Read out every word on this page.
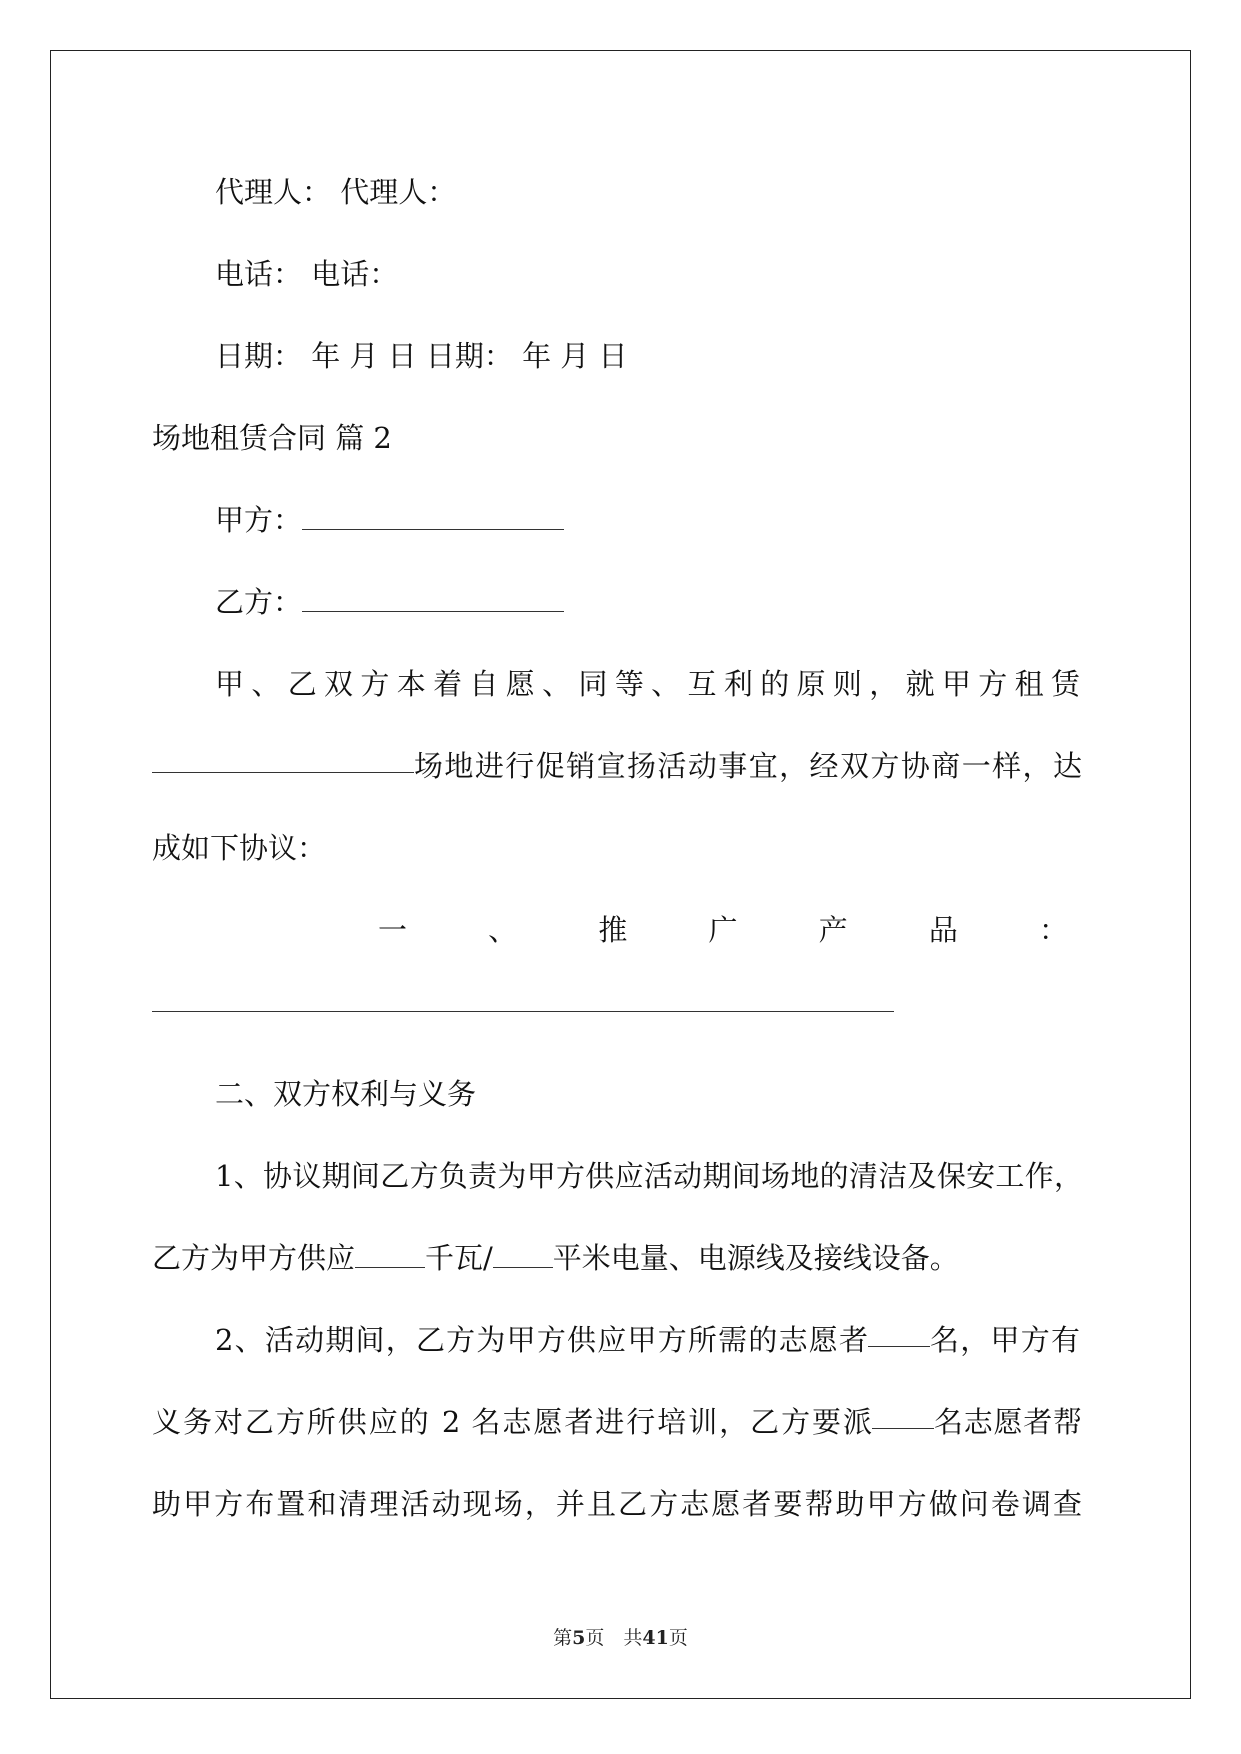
代理人： 代理人：
电话： 电话：
日期： 年 月 日 日期： 年 月 日
场地租赁合同 篇 2
甲方：
乙方：
甲、乙双方本着自愿、同等、互利的原则，就甲方租赁
场地进行促销宣扬活动事宜，经双方协商一样，达
成如下协议：
一 、 推 广 产 品 ：
二、双方权利与义务
1、协议期间乙方负责为甲方供应活动期间场地的清洁及保安工作，
乙方为甲方供应 千瓦/ 平米电量、电源线及接线设备。
2、活动期间，乙方为甲方供应甲方所需的志愿者 名，甲方有
义务对乙方所供应的 2 名志愿者进行培训，乙方要派 名志愿者帮
助甲方布置和清理活动现场，并且乙方志愿者要帮助甲方做问卷调查
第5页　共41页
